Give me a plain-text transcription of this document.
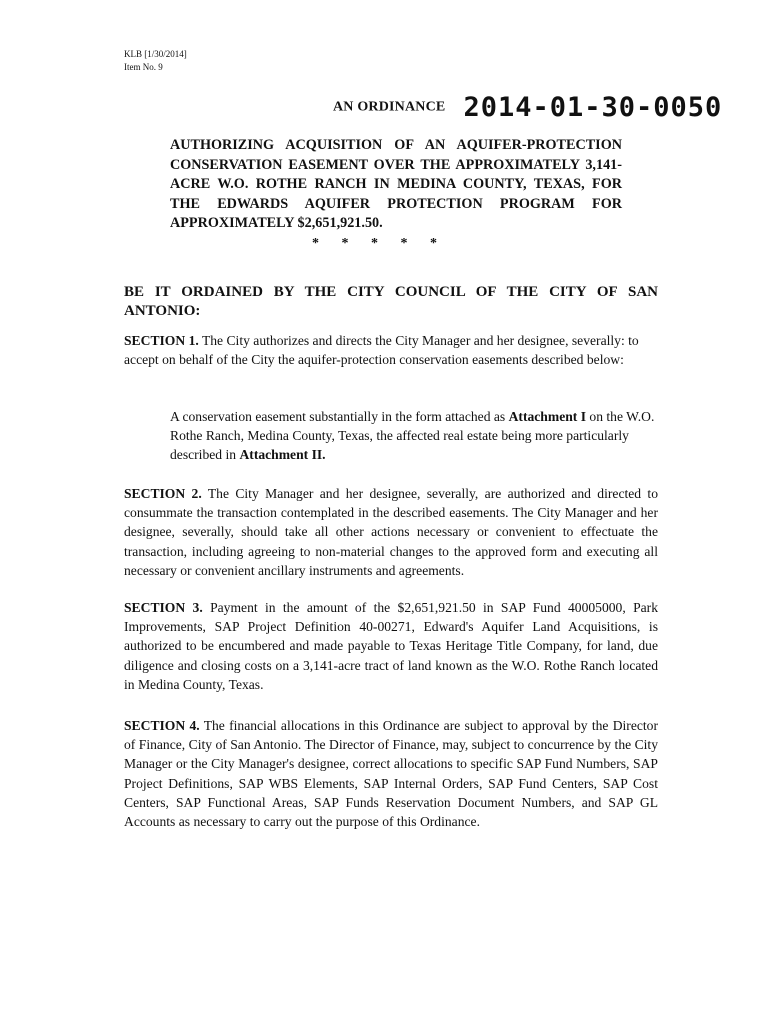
KLB [1/30/2014]
Item No. 9
AN ORDINANCE 2014-01-30-0050
AUTHORIZING ACQUISITION OF AN AQUIFER-PROTECTION CONSERVATION EASEMENT OVER THE APPROXIMATELY 3,141-ACRE W.O. ROTHE RANCH IN MEDINA COUNTY, TEXAS, FOR THE EDWARDS AQUIFER PROTECTION PROGRAM FOR APPROXIMATELY $2,651,921.50.
* * * * *
BE IT ORDAINED BY THE CITY COUNCIL OF THE CITY OF SAN ANTONIO:
SECTION 1. The City authorizes and directs the City Manager and her designee, severally: to accept on behalf of the City the aquifer-protection conservation easements described below:
A conservation easement substantially in the form attached as Attachment I on the W.O. Rothe Ranch, Medina County, Texas, the affected real estate being more particularly described in Attachment II.
SECTION 2. The City Manager and her designee, severally, are authorized and directed to consummate the transaction contemplated in the described easements. The City Manager and her designee, severally, should take all other actions necessary or convenient to effectuate the transaction, including agreeing to non-material changes to the approved form and executing all necessary or convenient ancillary instruments and agreements.
SECTION 3. Payment in the amount of the $2,651,921.50 in SAP Fund 40005000, Park Improvements, SAP Project Definition 40-00271, Edward's Aquifer Land Acquisitions, is authorized to be encumbered and made payable to Texas Heritage Title Company, for land, due diligence and closing costs on a 3,141-acre tract of land known as the W.O. Rothe Ranch located in Medina County, Texas.
SECTION 4. The financial allocations in this Ordinance are subject to approval by the Director of Finance, City of San Antonio. The Director of Finance, may, subject to concurrence by the City Manager or the City Manager's designee, correct allocations to specific SAP Fund Numbers, SAP Project Definitions, SAP WBS Elements, SAP Internal Orders, SAP Fund Centers, SAP Cost Centers, SAP Functional Areas, SAP Funds Reservation Document Numbers, and SAP GL Accounts as necessary to carry out the purpose of this Ordinance.
